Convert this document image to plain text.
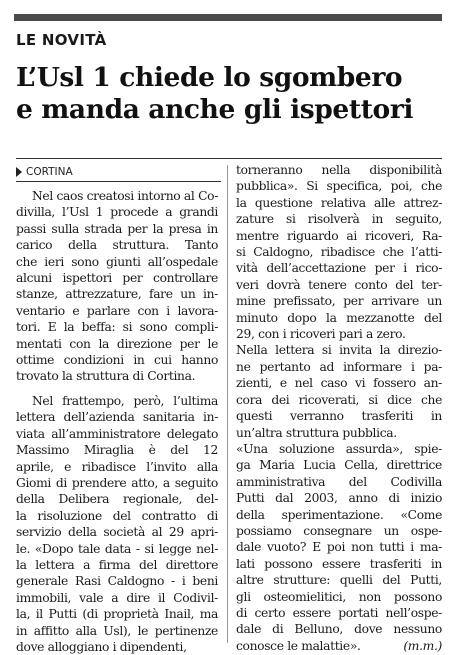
LE NOVITÀ
L’Usl 1 chiede lo sgombero
e manda anche gli ispettori
CORTINA
Nel caos creatosi intorno al Co-
divilla, l’Usl 1 procede a grandi
passi sulla strada per la presa in
carico della struttura. Tanto
che ieri sono giunti all’ospedale
alcuni ispettori per controllare
stanze, attrezzature, fare un in-
ventario e parlare con i lavora-
tori. E la beffa: si sono compli-
mentati con la direzione per le
ottime condizioni in cui hanno
trovato la struttura di Cortina.
Nel frattempo, però, l’ultima
lettera dell’azienda sanitaria in-
viata all’amministratore delegato
Massimo Miraglia è del 12
aprile, e ribadisce l’invito alla
Giomi di prendere atto, a seguito
della Delibera regionale, del-
la risoluzione del contratto di
servizio della società al 29 apri-
le. «Dopo tale data - si legge nel-
la lettera a firma del direttore
generale Rasi Caldogno - i beni
immobili, vale a dire il Codivil-
la, il Putti (di proprietà Inail, ma
in affitto alla Usl), le pertinenze
dove alloggiano i dipendenti,
torneranno nella disponibilità
pubblica». Si specifica, poi, che
la questione relativa alle attrez-
zature si risolverà in seguito,
mentre riguardo ai ricoveri, Ra-
si Caldogno, ribadisce che l’atti-
vità dell’accettazione per i rico-
veri dovrà tenere conto del ter-
mine prefissato, per arrivare un
minuto dopo la mezzanotte del
29, con i ricoveri pari a zero.
Nella lettera si invita la direzio-
ne pertanto ad informare i pa-
zienti, e nel caso vi fossero an-
cora dei ricoverati, si dice che
questi verranno trasferiti in
un’altra struttura pubblica.
«Una soluzione assurda», spie-
ga Maria Lucia Cella, direttrice
amministrativa del Codivilla
Putti dal 2003, anno di inizio
della sperimentazione. «Come
possiamo consegnare un ospe-
dale vuoto? E poi non tutti i ma-
lati possono essere trasferiti in
altre strutture: quelli del Putti,
gli osteomielitici, non possono
di certo essere portati nell’ospe-
dale di Belluno, dove nessuno
conosce le malattie».	(m.m.)
